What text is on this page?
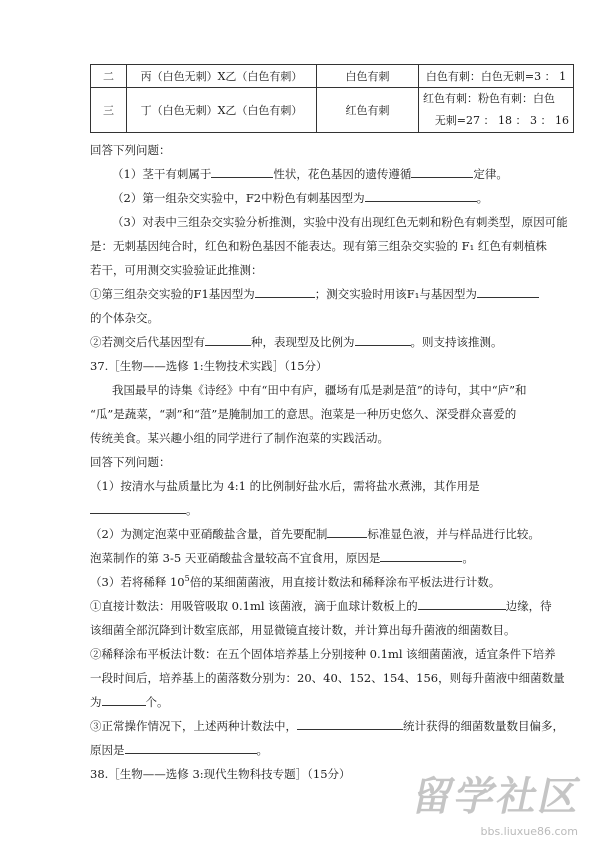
二	丙（白色无刺）X乙（白色有刺）	白色有刺	白色有刺：白色无刺=3 ： 1
三	丁（白色无刺）X乙（白色有刺）	红色有刺	红色有刺：粉色有刺：白色
无刺=27 ： 18 ： 3 ： 16
回答下列问题：
（1）茎干有刺属于	性状，花色基因的遗传遵循	定律。
（2）第一组杂交实验中，F2中粉色有刺基因型为	。
（3）对表中三组杂交实验分析推测，实验中没有出现红色无刺和粉色有刺类型，原因可能
是：无刺基因纯合时，红色和粉色基因不能表达。现有第三组杂交实验的 F₁ 红色有刺植株
若干，可用测交实验验证此推测：
①第三组杂交实验的F1基因型为	；测交实验时用该F₁与基因型为
的个体杂交。
②若测交后代基因型有	种，表现型及比例为	。则支持该推测。
37.［生物——选修 1:生物技术实践］（15分）
我国最早的诗集《诗经》中有“田中有庐，疆场有瓜是剥是菹”的诗句，其中“庐”和
“瓜”是蔬菜，“剥”和“菹”是腌制加工的意思。泡菜是一种历史悠久、深受群众喜爱的
传统美食。某兴趣小组的同学进行了制作泡菜的实践活动。
回答下列问题：
（1）按清水与盐质量比为 4:1 的比例制好盐水后，需将盐水煮沸，其作用是
。
（2）为测定泡菜中亚硝酸盐含量，首先要配制	标准显色液，并与样品进行比较。
泡菜制作的第 3-5 天亚硝酸盐含量较高不宜食用，原因是	。
（3）若将稀释 $10^5$倍的某细菌菌液，用直接计数法和稀释涂布平板法进行计数。
①直接计数法：用吸管吸取 0.1ml 该菌液，滴于血球计数板上的	边缘，待
该细菌全部沉降到计数室底部，用显微镜直接计数，并计算出每升菌液的细菌数目。
②稀释涂布平板法计数：在五个固体培养基上分别接种 0.1ml 该细菌菌液，适宜条件下培养
一段时间后，培养基上的菌落数分别为：20、40、152、154、156，则每升菌液中细菌数量
为	个。
③正常操作情况下，上述两种计数法中，	统计获得的细菌数量数目偏多，
原因是	。
38.［生物——选修 3:现代生物科技专题］（15分） 留学社区
bbs.liuxue86.com
